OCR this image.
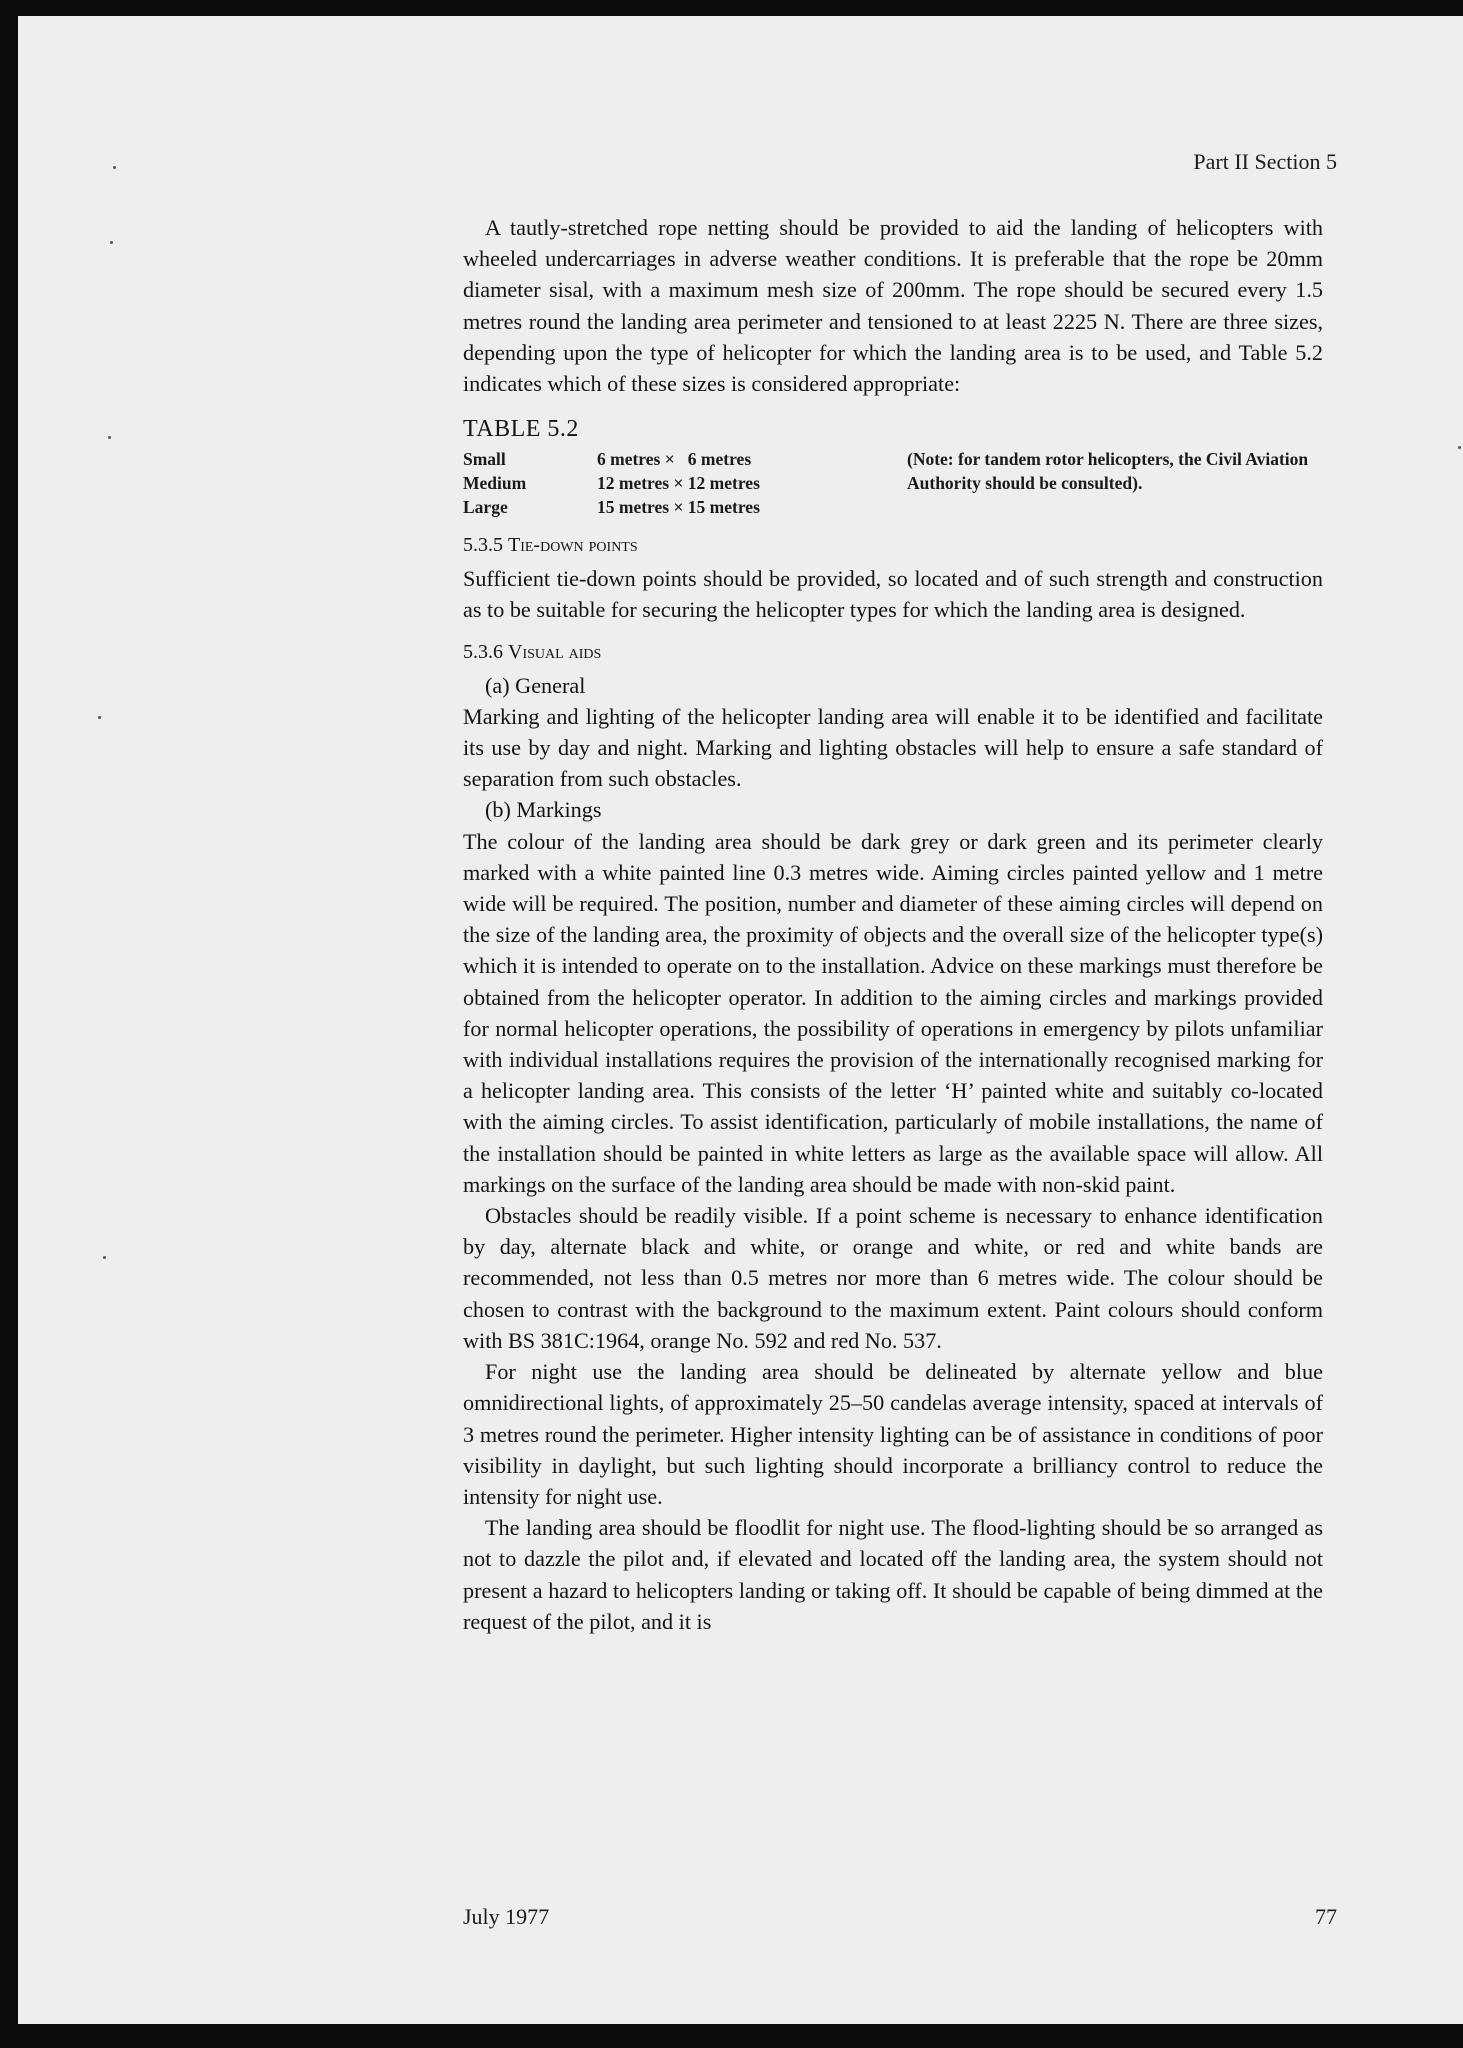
Part II Section 5

A tautly-stretched rope netting should be provided to aid the landing of helicopters with wheeled undercarriages in adverse weather conditions. It is preferable that the rope be 20mm diameter sisal, with a maximum mesh size of 200mm. The rope should be secured every 1.5 metres round the landing area perimeter and tensioned to at least 2225 N. There are three sizes, depending upon the type of helicopter for which the landing area is to be used, and Table 5.2 indicates which of these sizes is considered appropriate:

TABLE 5.2
Small
Medium
Large
6 metres ×   6 metres
12 metres × 12 metres
15 metres × 15 metres
(Note: for tandem rotor helicopters, the Civil Aviation Authority should be consulted).
5.3.5 Tie-down points

Sufficient tie-down points should be provided, so located and of such strength and construction as to be suitable for securing the helicopter types for which the landing area is designed.

5.3.6 Visual aids
(a) General

Marking and lighting of the helicopter landing area will enable it to be identified and facilitate its use by day and night. Marking and lighting obstacles will help to ensure a safe standard of separation from such obstacles.

(b) Markings

The colour of the landing area should be dark grey or dark green and its perimeter clearly marked with a white painted line 0.3 metres wide. Aiming circles painted yellow and 1 metre wide will be required. The position, number and diameter of these aiming circles will depend on the size of the landing area, the proximity of objects and the overall size of the helicopter type(s) which it is intended to operate on to the installation. Advice on these markings must therefore be obtained from the helicopter operator. In addition to the aiming circles and markings provided for normal helicopter operations, the possibility of operations in emergency by pilots unfamiliar with individual installations requires the provision of the internationally recognised marking for a helicopter landing area. This consists of the letter ‘H’ painted white and suitably co-located with the aiming circles. To assist identification, particularly of mobile installations, the name of the installation should be painted in white letters as large as the available space will allow. All markings on the surface of the landing area should be made with non-skid paint.

Obstacles should be readily visible. If a point scheme is necessary to enhance identification by day, alternate black and white, or orange and white, or red and white bands are recommended, not less than 0.5 metres nor more than 6 metres wide. The colour should be chosen to contrast with the background to the maximum extent. Paint colours should conform with BS 381C:1964, orange No. 592 and red No. 537.

For night use the landing area should be delineated by alternate yellow and blue omnidirectional lights, of approximately 25–50 candelas average intensity, spaced at intervals of 3 metres round the perimeter. Higher intensity lighting can be of assistance in conditions of poor visibility in daylight, but such lighting should incorporate a brilliancy control to reduce the intensity for night use.

The landing area should be floodlit for night use. The flood-lighting should be so arranged as not to dazzle the pilot and, if elevated and located off the landing area, the system should not present a hazard to helicopters landing or taking off. It should be capable of being dimmed at the request of the pilot, and it is

July 1977	77
